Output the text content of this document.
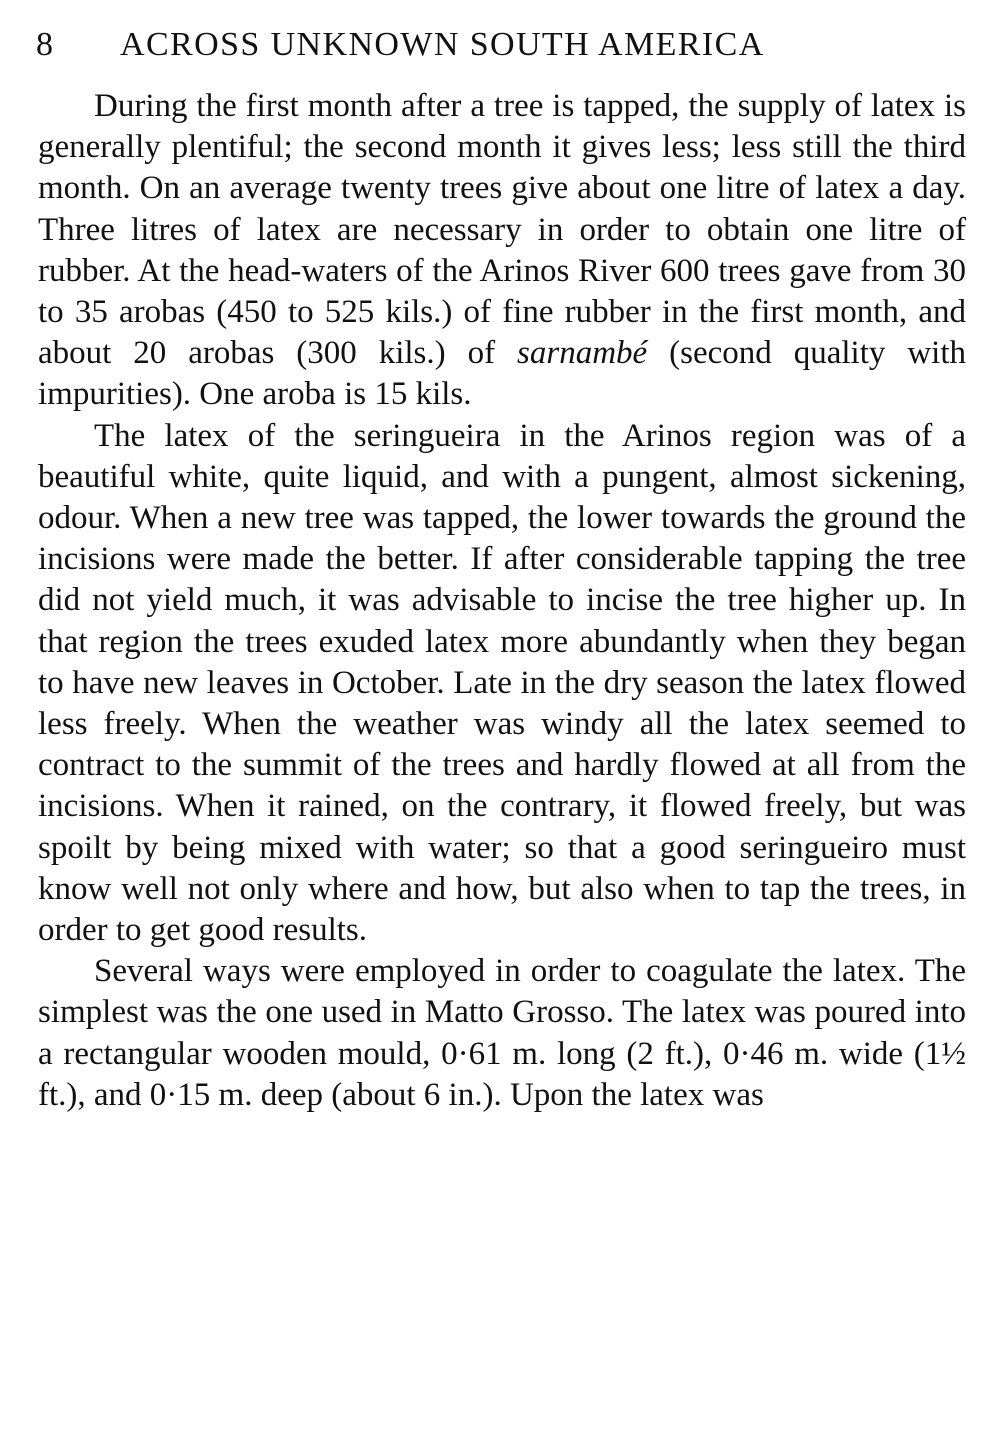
8 ACROSS UNKNOWN SOUTH AMERICA

During the first month after a tree is tapped, the supply of latex is generally plentiful; the second month it gives less; less still the third month. On an average twenty trees give about one litre of latex a day. Three litres of latex are necessary in order to obtain one litre of rubber. At the head-waters of the Arinos River 600 trees gave from 30 to 35 arobas (450 to 525 kils.) of fine rubber in the first month, and about 20 arobas (300 kils.) of sarnambé (second quality with impurities). One aroba is 15 kils.

The latex of the seringueira in the Arinos region was of a beautiful white, quite liquid, and with a pungent, almost sickening, odour. When a new tree was tapped, the lower towards the ground the incisions were made the better. If after considerable tapping the tree did not yield much, it was advisable to incise the tree higher up. In that region the trees exuded latex more abundantly when they began to have new leaves in October. Late in the dry season the latex flowed less freely. When the weather was windy all the latex seemed to contract to the summit of the trees and hardly flowed at all from the incisions. When it rained, on the contrary, it flowed freely, but was spoilt by being mixed with water; so that a good seringueiro must know well not only where and how, but also when to tap the trees, in order to get good results.

Several ways were employed in order to coagulate the latex. The simplest was the one used in Matto Grosso. The latex was poured into a rectangular wooden mould, 0·61 m. long (2 ft.), 0·46 m. wide (1½ ft.), and 0·15 m. deep (about 6 in.). Upon the latex was
